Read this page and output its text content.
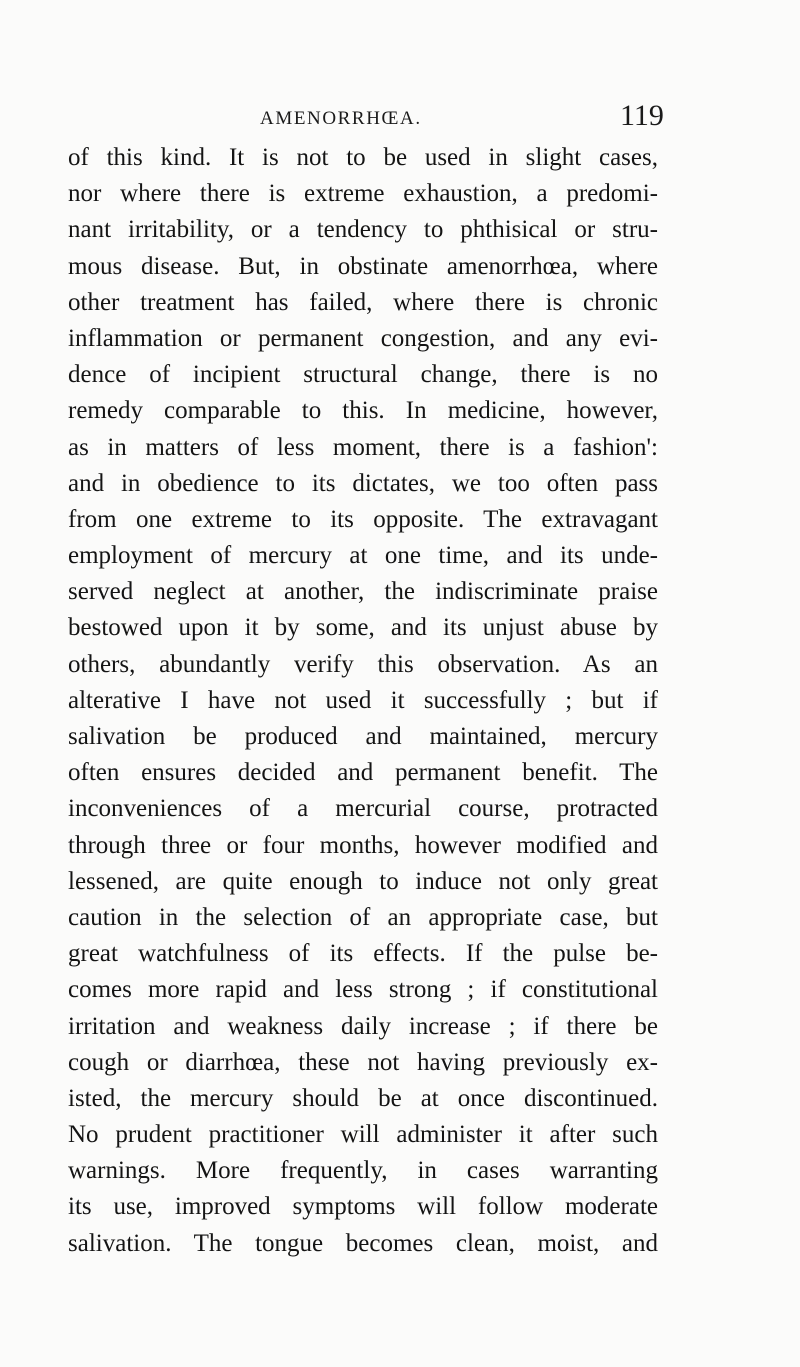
AMENORRHŒA.	119
of this kind. It is not to be used in slight cases,
nor where there is extreme exhaustion, a predomi-
nant irritability, or a tendency to phthisical or stru-
mous disease. But, in obstinate amenorrhœa, where
other treatment has failed, where there is chronic
inflammation or permanent congestion, and any evi-
dence of incipient structural change, there is no
remedy comparable to this. In medicine, however,
as in matters of less moment, there is a fashion':
and in obedience to its dictates, we too often pass
from one extreme to its opposite. The extravagant
employment of mercury at one time, and its unde-
served neglect at another, the indiscriminate praise
bestowed upon it by some, and its unjust abuse by
others, abundantly verify this observation. As an
alterative I have not used it successfully ; but if
salivation be produced and maintained, mercury
often ensures decided and permanent benefit. The
inconveniences of a mercurial course, protracted
through three or four months, however modified and
lessened, are quite enough to induce not only great
caution in the selection of an appropriate case, but
great watchfulness of its effects. If the pulse be-
comes more rapid and less strong ; if constitutional
irritation and weakness daily increase ; if there be
cough or diarrhœa, these not having previously ex-
isted, the mercury should be at once discontinued.
No prudent practitioner will administer it after such
warnings. More frequently, in cases warranting
its use, improved symptoms will follow moderate
salivation. The tongue becomes clean, moist, and
